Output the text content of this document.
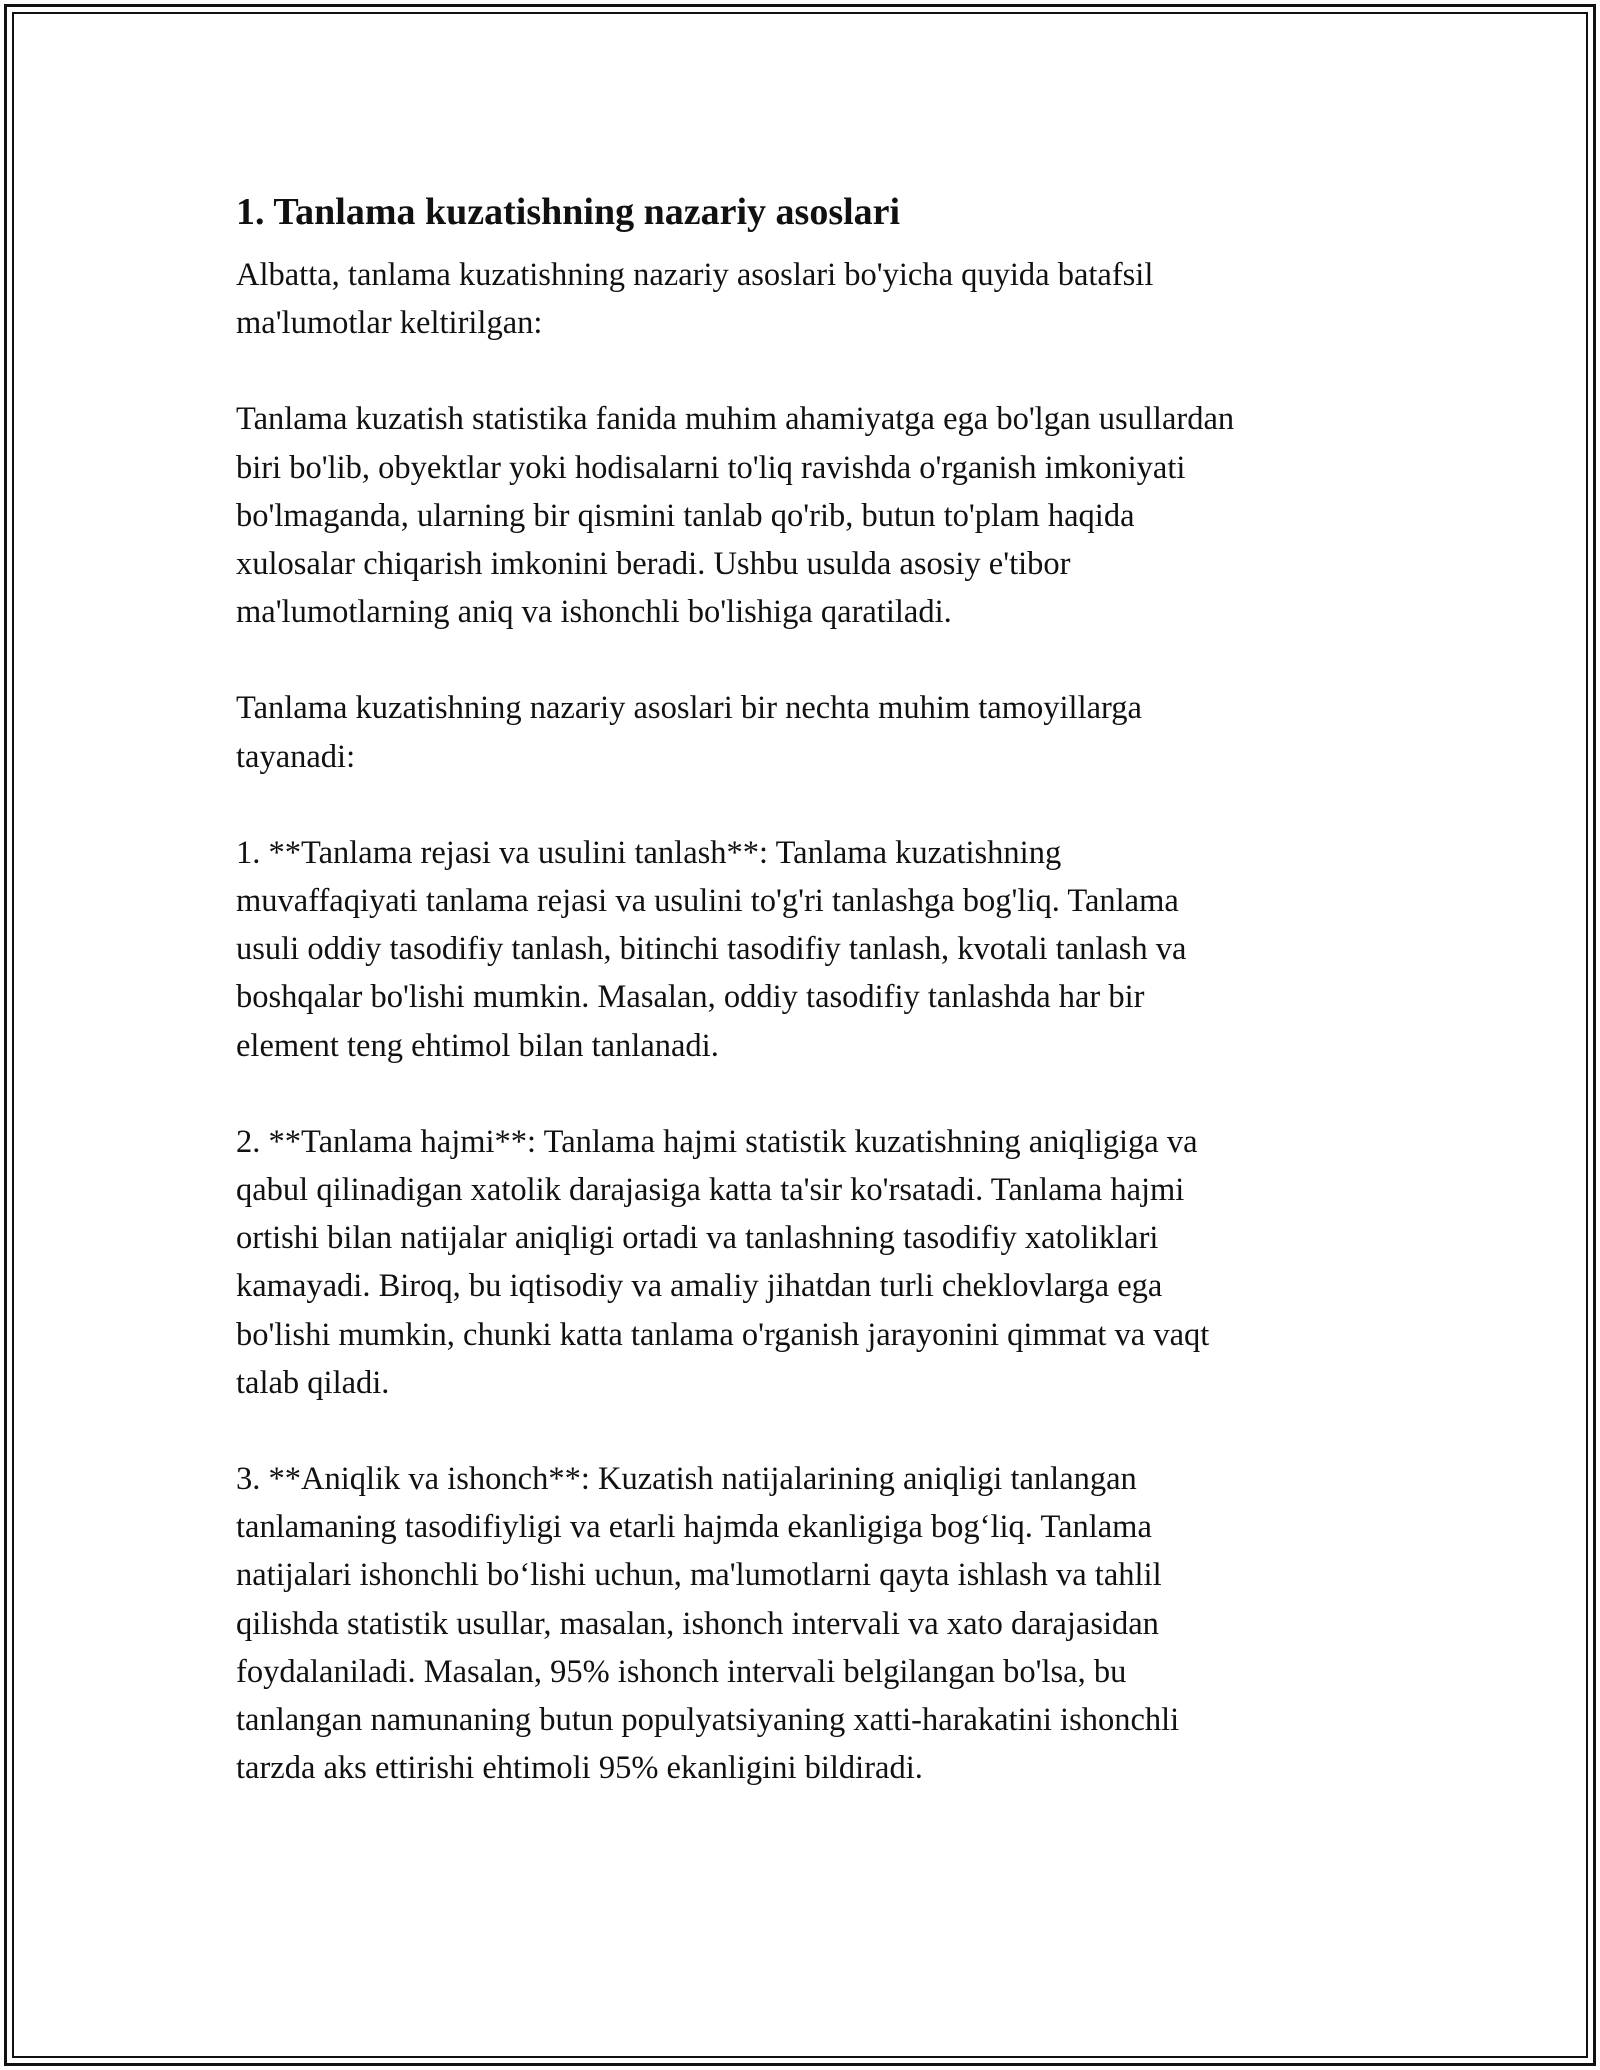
1. Tanlama kuzatishning nazariy asoslari

Albatta, tanlama kuzatishning nazariy asoslari bo'yicha quyida batafsil
ma'lumotlar keltirilgan:

Tanlama kuzatish statistika fanida muhim ahamiyatga ega bo'lgan usullardan
biri bo'lib, obyektlar yoki hodisalarni to'liq ravishda o'rganish imkoniyati
bo'lmaganda, ularning bir qismini tanlab qo'rib, butun to'plam haqida
xulosalar chiqarish imkonini beradi. Ushbu usulda asosiy e'tibor
ma'lumotlarning aniq va ishonchli bo'lishiga qaratiladi.

Tanlama kuzatishning nazariy asoslari bir nechta muhim tamoyillarga
tayanadi:

1. **Tanlama rejasi va usulini tanlash**: Tanlama kuzatishning
muvaffaqiyati tanlama rejasi va usulini to'g'ri tanlashga bog'liq. Tanlama
usuli oddiy tasodifiy tanlash, bitinchi tasodifiy tanlash, kvotali tanlash va
boshqalar bo'lishi mumkin. Masalan, oddiy tasodifiy tanlashda har bir
element teng ehtimol bilan tanlanadi.

2. **Tanlama hajmi**: Tanlama hajmi statistik kuzatishning aniqligiga va
qabul qilinadigan xatolik darajasiga katta ta'sir ko'rsatadi. Tanlama hajmi
ortishi bilan natijalar aniqligi ortadi va tanlashning tasodifiy xatoliklari
kamayadi. Biroq, bu iqtisodiy va amaliy jihatdan turli cheklovlarga ega
bo'lishi mumkin, chunki katta tanlama o'rganish jarayonini qimmat va vaqt
talab qiladi.

3. **Aniqlik va ishonch**: Kuzatish natijalarining aniqligi tanlangan
tanlamaning tasodifiyligi va etarli hajmda ekanligiga bog‘liq. Tanlama
natijalari ishonchli bo‘lishi uchun, ma'lumotlarni qayta ishlash va tahlil
qilishda statistik usullar, masalan, ishonch intervali va xato darajasidan
foydalaniladi. Masalan, 95% ishonch intervali belgilangan bo'lsa, bu
tanlangan namunaning butun populyatsiyaning xatti-harakatini ishonchli
tarzda aks ettirishi ehtimoli 95% ekanligini bildiradi.
